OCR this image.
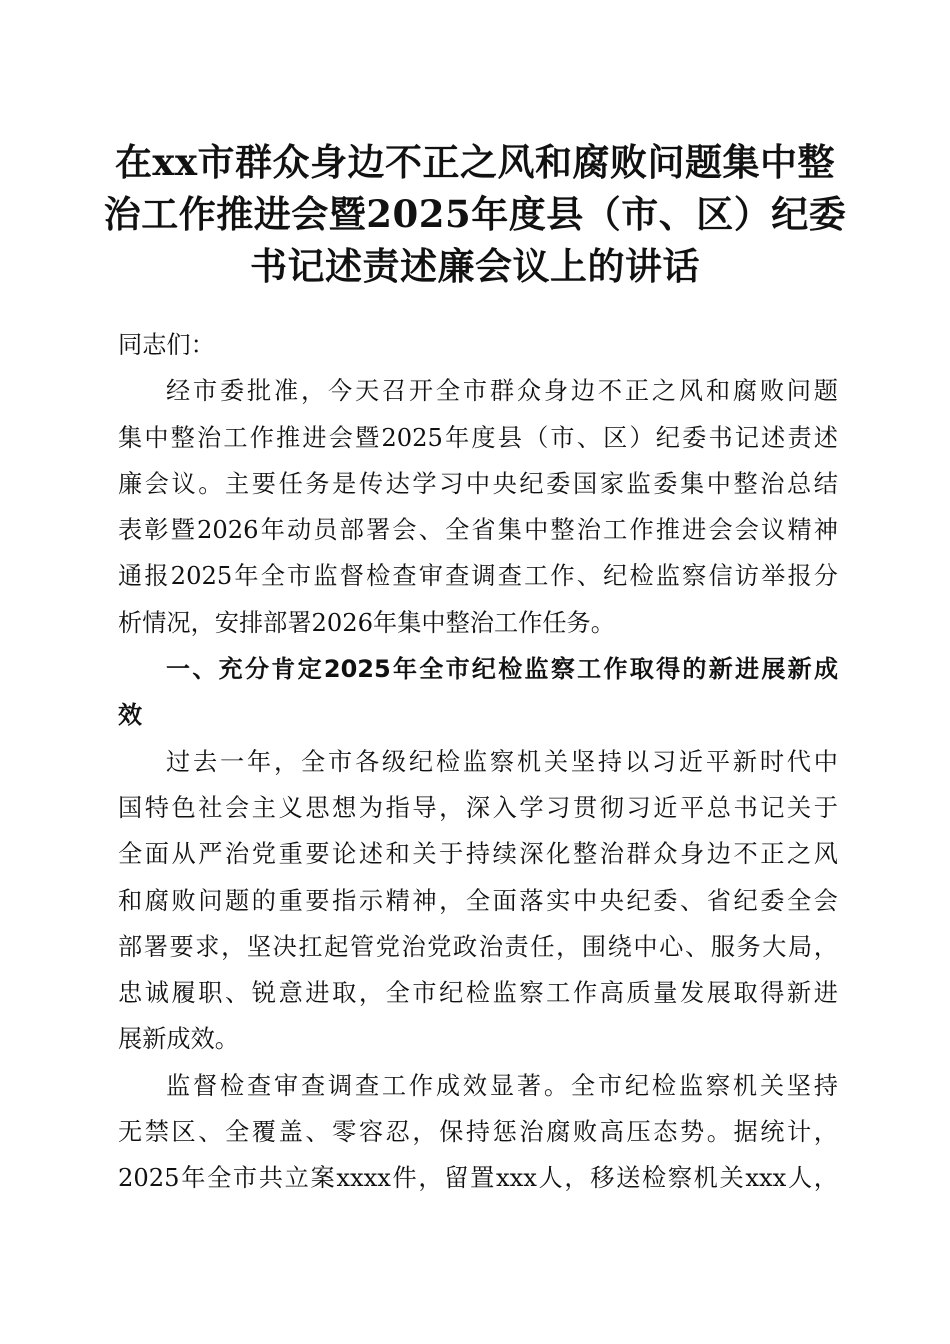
在xx市群众身边不正之风和腐败问题集中整
治工作推进会暨2025年度县（市、区）纪委
书记述责述廉会议上的讲话
同志们：
经市委批准，今天召开全市群众身边不正之风和腐败问题
集中整治工作推进会暨2025年度县（市、区）纪委书记述责述
廉会议。主要任务是传达学习中央纪委国家监委集中整治总结
表彰暨2026年动员部署会、全省集中整治工作推进会会议精神
通报2025年全市监督检查审查调查工作、纪检监察信访举报分
析情况，安排部署2026年集中整治工作任务。
一、充分肯定2025年全市纪检监察工作取得的新进展新成
效
过去一年，全市各级纪检监察机关坚持以习近平新时代中
国特色社会主义思想为指导，深入学习贯彻习近平总书记关于
全面从严治党重要论述和关于持续深化整治群众身边不正之风
和腐败问题的重要指示精神，全面落实中央纪委、省纪委全会
部署要求，坚决扛起管党治党政治责任，围绕中心、服务大局，
忠诚履职、锐意进取，全市纪检监察工作高质量发展取得新进
展新成效。
监督检查审查调查工作成效显著。全市纪检监察机关坚持
无禁区、全覆盖、零容忍，保持惩治腐败高压态势。据统计，
2025年全市共立案xxxx件，留置xxx人，移送检察机关xxx人，
